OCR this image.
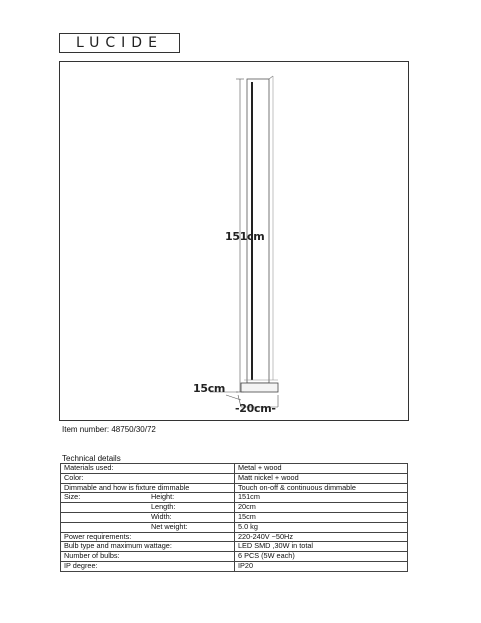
LUCIDE
151cm
15cm
-20cm-
Item number: 48750/30/72
Technical details
Materials used:	Metal + wood
Color:	Matt nickel + wood
Dimmable and how is fixture dimmable	Touch on-off & continuous dimmable
Size: Height:	151cm

Length:	20cm

Width:	15cm

Net weight:	5.0 kg
Power requirements:	220-240V ~50Hz
Bulb type and maximum wattage:	LED SMD ,30W in total
Number of bulbs:	6 PCS (5W each)
IP degree:	IP20
